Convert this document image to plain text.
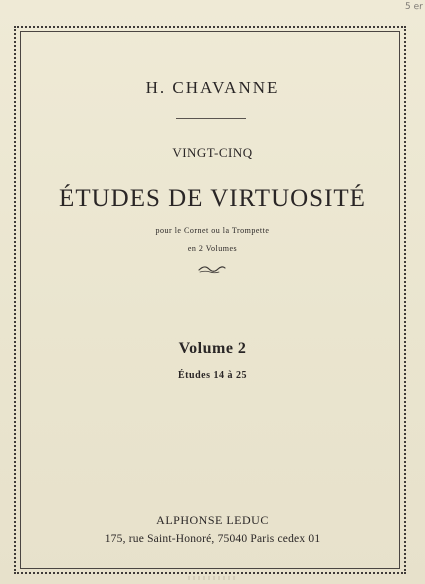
5 er
H. CHAVANNE
VINGT-CINQ
ÉTUDES DE VIRTUOSITÉ
pour le Cornet ou la Trompette
en 2 Volumes
Volume 2
Études 14 à 25
ALPHONSE LEDUC
175, rue Saint-Honoré, 75040 Paris cedex 01
